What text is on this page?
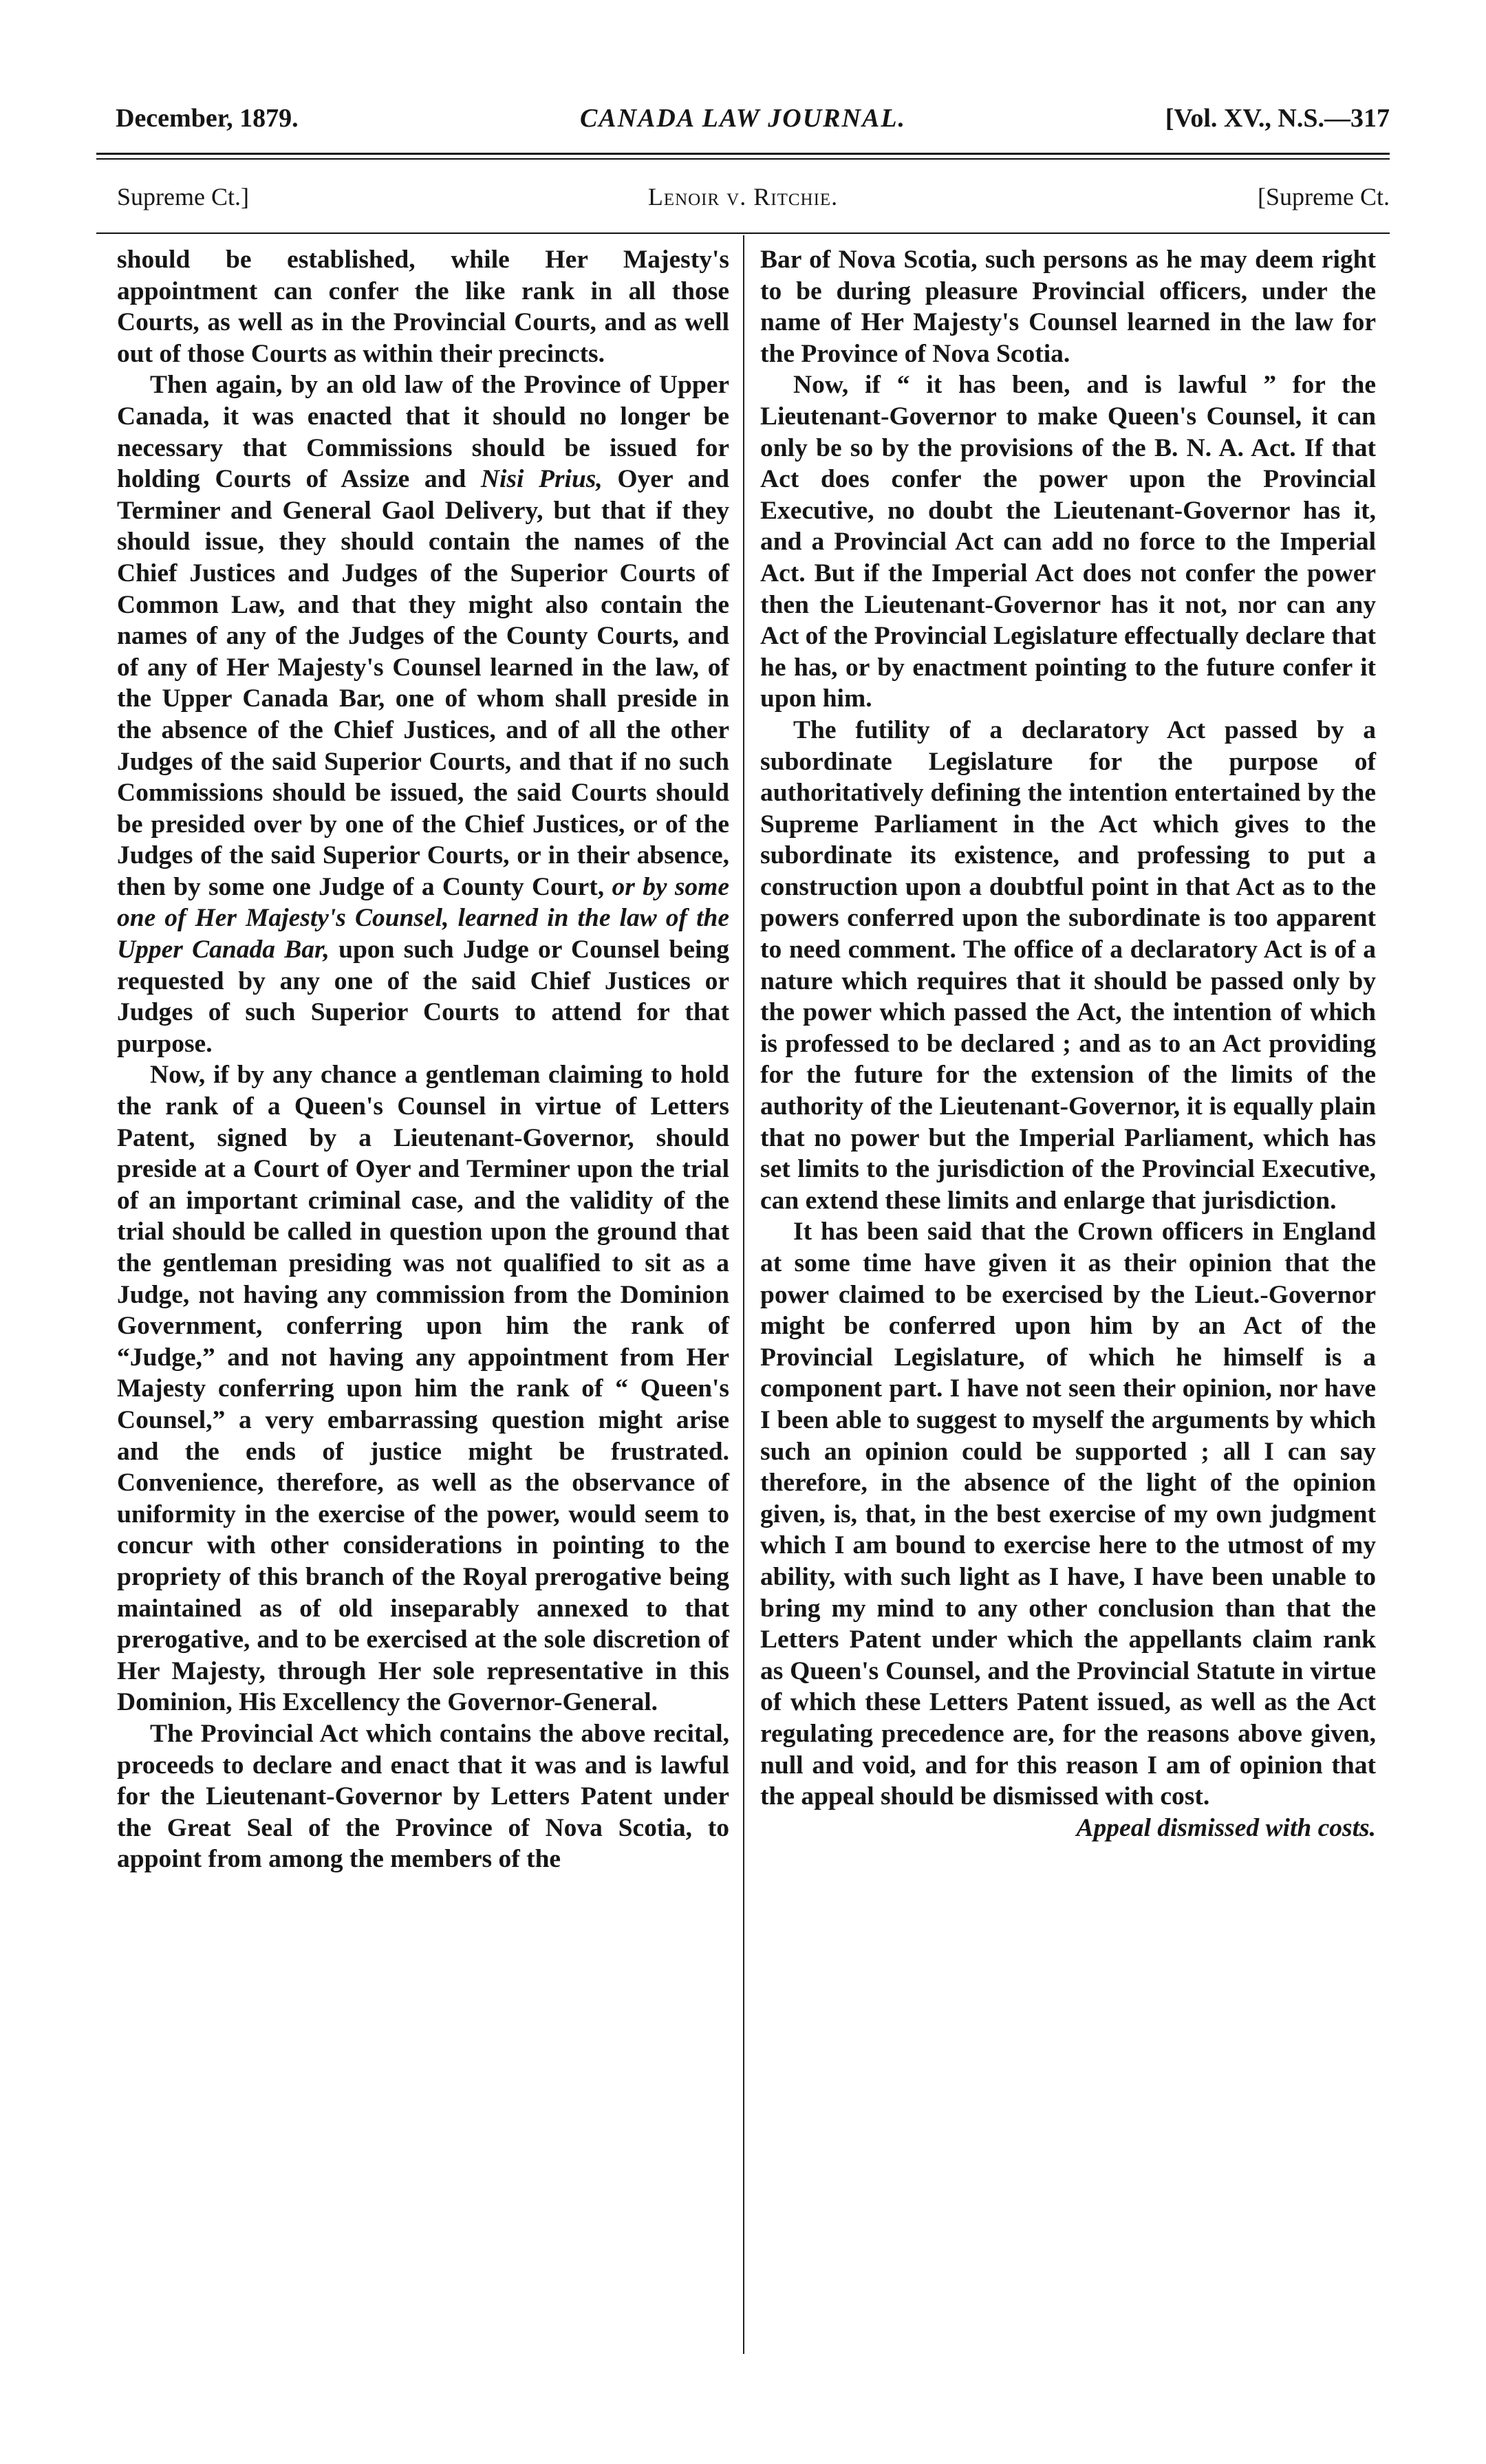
December, 1879.	CANADA LAW JOURNAL.	[Vol. XV., N.S.—317
Supreme Ct.]	Lenoir v. Ritchie.	[Supreme Ct.

should be established, while Her Majesty's appointment can confer the like rank in all those Courts, as well as in the Provincial Courts, and as well out of those Courts as within their precincts.

Then again, by an old law of the Province of Upper Canada, it was enacted that it should no longer be necessary that Commissions should be issued for holding Courts of Assize and Nisi Prius, Oyer and Terminer and General Gaol Delivery, but that if they should issue, they should contain the names of the Chief Justices and Judges of the Superior Courts of Common Law, and that they might also contain the names of any of the Judges of the County Courts, and of any of Her Majesty's Counsel learned in the law, of the Upper Canada Bar, one of whom shall preside in the absence of the Chief Justices, and of all the other Judges of the said Superior Courts, and that if no such Commissions should be issued, the said Courts should be presided over by one of the Chief Justices, or of the Judges of the said Superior Courts, or in their absence, then by some one Judge of a County Court, or by some one of Her Majesty's Counsel, learned in the law of the Upper Canada Bar, upon such Judge or Counsel being requested by any one of the said Chief Justices or Judges of such Superior Courts to attend for that purpose.

Now, if by any chance a gentleman claiming to hold the rank of a Queen's Counsel in virtue of Letters Patent, signed by a Lieutenant-Governor, should preside at a Court of Oyer and Terminer upon the trial of an important criminal case, and the validity of the trial should be called in question upon the ground that the gentleman presiding was not qualified to sit as a Judge, not having any commission from the Dominion Government, conferring upon him the rank of “Judge,” and not having any appointment from Her Majesty conferring upon him the rank of “ Queen's Counsel,” a very embarrassing question might arise and the ends of justice might be frustrated. Convenience, therefore, as well as the observance of uniformity in the exercise of the power, would seem to concur with other considerations in pointing to the propriety of this branch of the Royal prerogative being maintained as of old inseparably annexed to that prerogative, and to be exercised at the sole discretion of Her Majesty, through Her sole representative in this Dominion, His Excellency the Governor-General.

The Provincial Act which contains the above recital, proceeds to declare and enact that it was and is lawful for the Lieutenant-Governor by Letters Patent under the Great Seal of the Province of Nova Scotia, to appoint from among the members of the

Bar of Nova Scotia, such persons as he may deem right to be during pleasure Provincial officers, under the name of Her Majesty's Counsel learned in the law for the Province of Nova Scotia.

Now, if “ it has been, and is lawful ” for the Lieutenant-Governor to make Queen's Counsel, it can only be so by the provisions of the B. N. A. Act. If that Act does confer the power upon the Provincial Executive, no doubt the Lieutenant-Governor has it, and a Provincial Act can add no force to the Imperial Act. But if the Imperial Act does not confer the power then the Lieutenant-Governor has it not, nor can any Act of the Provincial Legislature effectually declare that he has, or by enactment pointing to the future confer it upon him.

The futility of a declaratory Act passed by a subordinate Legislature for the purpose of authoritatively defining the intention entertained by the Supreme Parliament in the Act which gives to the subordinate its existence, and professing to put a construction upon a doubtful point in that Act as to the powers conferred upon the subordinate is too apparent to need comment. The office of a declaratory Act is of a nature which requires that it should be passed only by the power which passed the Act, the intention of which is professed to be declared ; and as to an Act providing for the future for the extension of the limits of the authority of the Lieutenant-Governor, it is equally plain that no power but the Imperial Parliament, which has set limits to the jurisdiction of the Provincial Executive, can extend these limits and enlarge that jurisdiction.

It has been said that the Crown officers in England at some time have given it as their opinion that the power claimed to be exercised by the Lieut.-Governor might be conferred upon him by an Act of the Provincial Legislature, of which he himself is a component part. I have not seen their opinion, nor have I been able to suggest to myself the arguments by which such an opinion could be supported ; all I can say therefore, in the absence of the light of the opinion given, is, that, in the best exercise of my own judgment which I am bound to exercise here to the utmost of my ability, with such light as I have, I have been unable to bring my mind to any other conclusion than that the Letters Patent under which the appellants claim rank as Queen's Counsel, and the Provincial Statute in virtue of which these Letters Patent issued, as well as the Act regulating precedence are, for the reasons above given, null and void, and for this reason I am of opinion that the appeal should be dismissed with cost.

Appeal dismissed with costs.
